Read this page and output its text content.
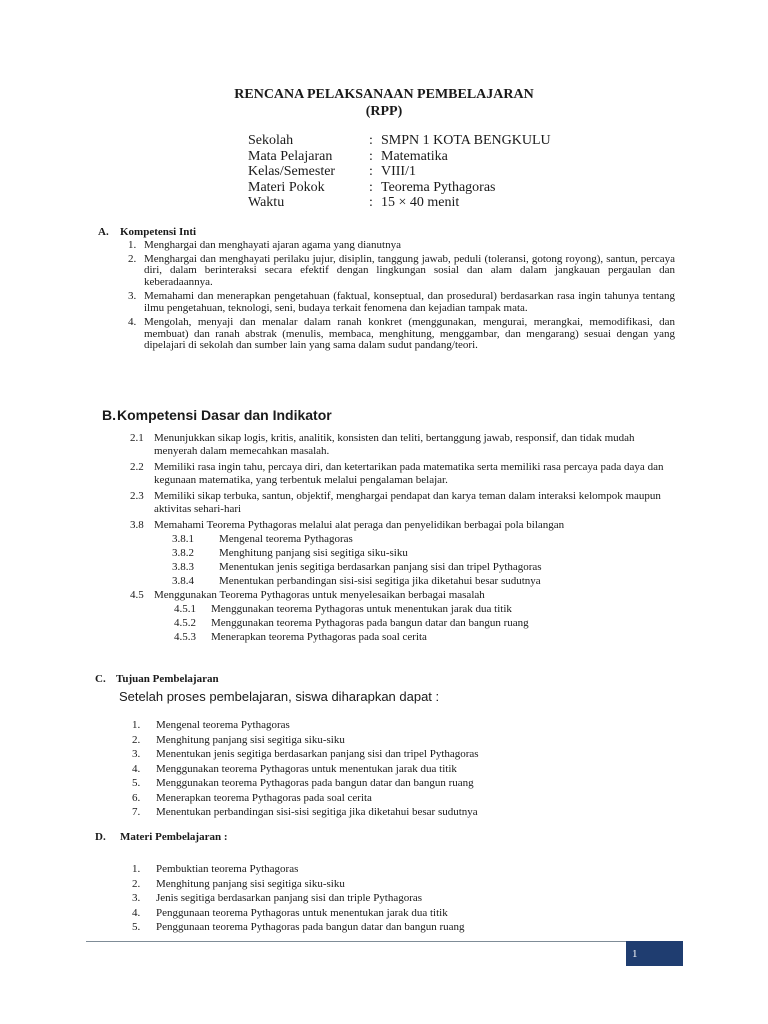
RENCANA PELAKSANAAN PEMBELAJARAN
(RPP)
Sekolah	: SMPN 1 KOTA BENGKULU
Mata Pelajaran	: Matematika
Kelas/Semester	: VIII/1
Materi Pokok	: Teorema Pythagoras
Waktu	: 15 × 40 menit
A. Kompetensi Inti
1. Menghargai dan menghayati ajaran agama yang dianutnya
2. Menghargai dan menghayati perilaku jujur, disiplin, tanggung jawab, peduli (toleransi, gotong royong), santun, percaya diri, dalam berinteraksi secara efektif dengan lingkungan sosial dan alam dalam jangkauan pergaulan dan keberadaannya.
3. Memahami dan menerapkan pengetahuan (faktual, konseptual, dan prosedural) berdasarkan rasa ingin tahunya tentang ilmu pengetahuan, teknologi, seni, budaya terkait fenomena dan kejadian tampak mata.
4. Mengolah, menyaji dan menalar dalam ranah konkret (menggunakan, mengurai, merangkai, memodifikasi, dan membuat) dan ranah abstrak (menulis, membaca, menghitung, menggambar, dan mengarang) sesuai dengan yang dipelajari di sekolah dan sumber lain yang sama dalam sudut pandang/teori.
B.Kompetensi Dasar dan Indikator
2.1 Menunjukkan sikap logis, kritis, analitik, konsisten dan teliti, bertanggung jawab, responsif, dan tidak mudah menyerah dalam memecahkan masalah.
2.2 Memiliki rasa ingin tahu, percaya diri, dan ketertarikan pada matematika serta memiliki rasa percaya pada daya dan kegunaan matematika, yang terbentuk melalui pengalaman belajar.
2.3 Memiliki sikap terbuka, santun, objektif, menghargai pendapat dan karya teman dalam interaksi kelompok maupun aktivitas sehari-hari
3.8 Memahami Teorema Pythagoras melalui alat peraga dan penyelidikan berbagai pola bilangan
3.8.1 Mengenal teorema Pythagoras
3.8.2 Menghitung panjang sisi segitiga siku-siku
3.8.3 Menentukan jenis segitiga berdasarkan panjang sisi dan tripel Pythagoras
3.8.4 Menentukan perbandingan sisi-sisi segitiga jika diketahui besar sudutnya
4.5 Menggunakan Teorema Pythagoras untuk menyelesaikan berbagai masalah
4.5.1 Menggunakan teorema Pythagoras untuk menentukan jarak dua titik
4.5.2 Menggunakan teorema Pythagoras pada bangun datar dan bangun ruang
4.5.3 Menerapkan teorema Pythagoras pada soal cerita
C. Tujuan Pembelajaran
Setelah proses pembelajaran, siswa diharapkan dapat :
1. Mengenal teorema Pythagoras
2. Menghitung panjang sisi segitiga siku-siku
3. Menentukan jenis segitiga berdasarkan panjang sisi dan tripel Pythagoras
4. Menggunakan teorema Pythagoras untuk menentukan jarak dua titik
5. Menggunakan teorema Pythagoras pada bangun datar dan bangun ruang
6. Menerapkan teorema Pythagoras pada soal cerita
7. Menentukan perbandingan sisi-sisi segitiga jika diketahui besar sudutnya
D. Materi Pembelajaran :
1. Pembuktian teorema Pythagoras
2. Menghitung panjang sisi segitiga siku-siku
3. Jenis segitiga berdasarkan panjang sisi dan triple Pythagoras
4. Penggunaan teorema Pythagoras untuk menentukan jarak dua titik
5. Penggunaan teorema Pythagoras pada bangun datar dan bangun ruang
1
